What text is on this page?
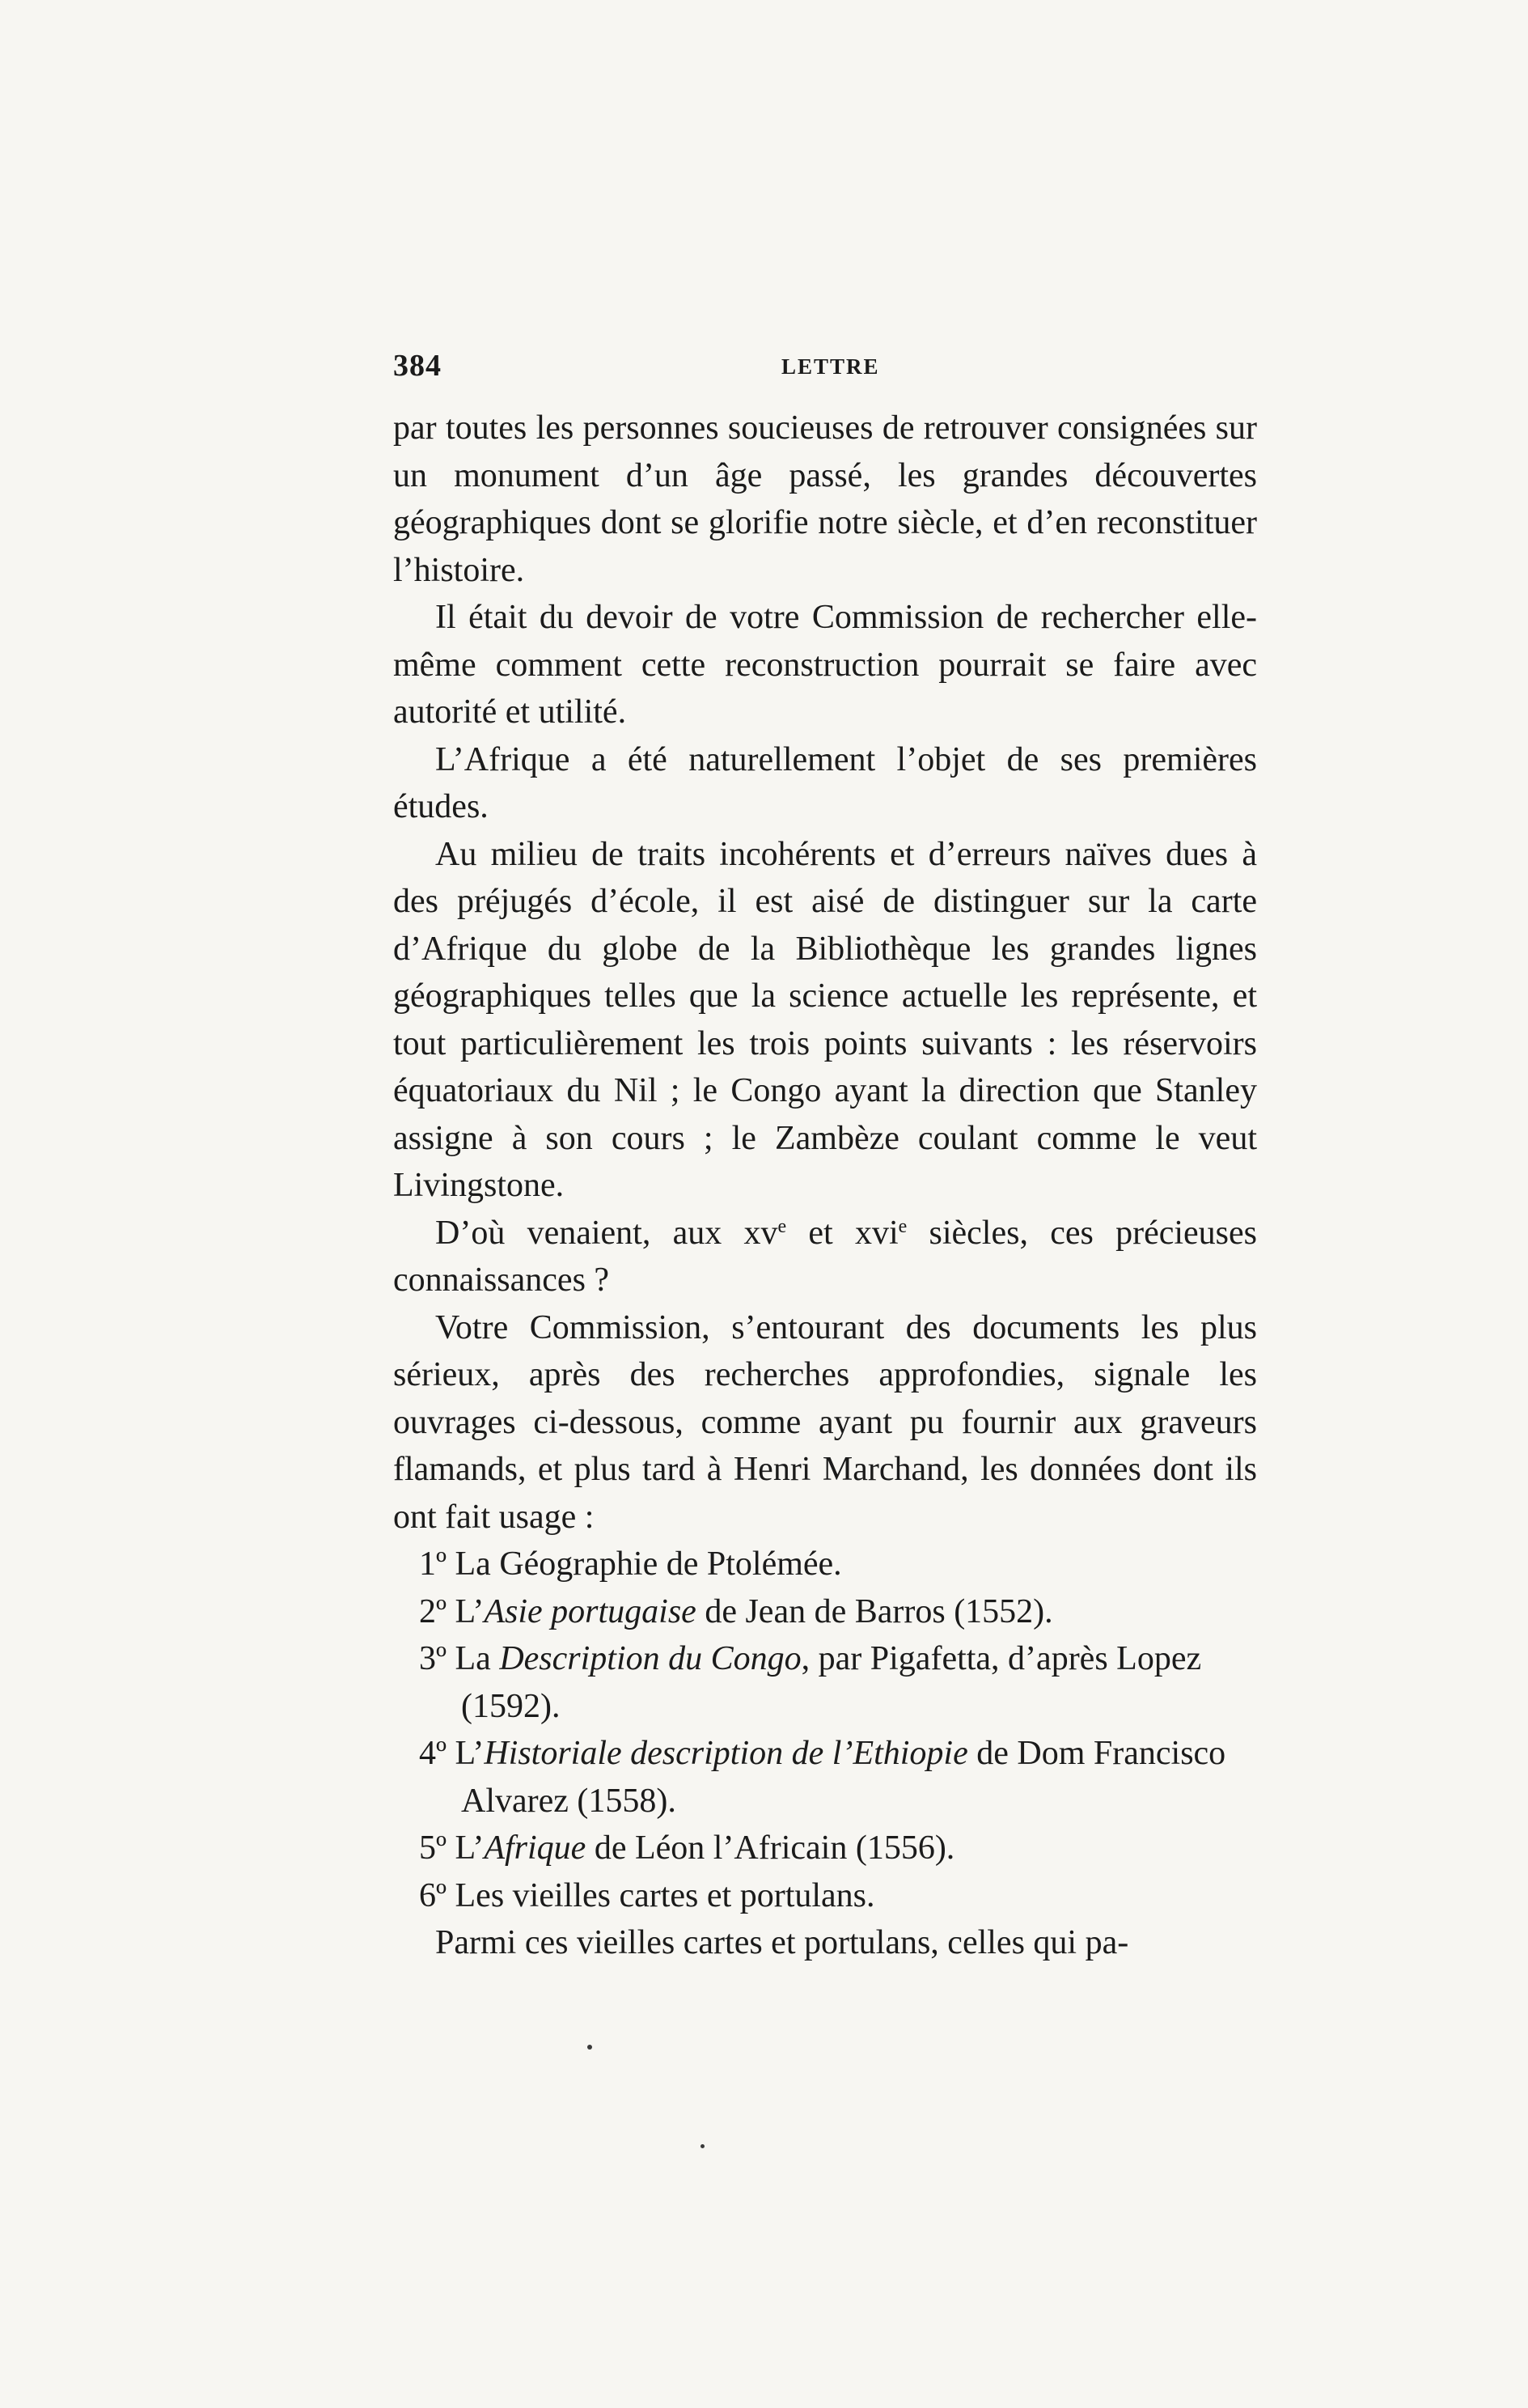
384	LETTRE

par toutes les personnes soucieuses de retrouver consignées sur un monument d’un âge passé, les grandes découvertes géographiques dont se glorifie notre siècle, et d’en reconstituer l’histoire.

Il était du devoir de votre Commission de rechercher elle-même comment cette reconstruction pourrait se faire avec autorité et utilité.

L’Afrique a été naturellement l’objet de ses premières études.

Au milieu de traits incohérents et d’erreurs naïves dues à des préjugés d’école, il est aisé de distinguer sur la carte d’Afrique du globe de la Bibliothèque les grandes lignes géographiques telles que la science actuelle les représente, et tout particulièrement les trois points suivants : les réservoirs équatoriaux du Nil ; le Congo ayant la direction que Stanley assigne à son cours ; le Zambèze coulant comme le veut Livingstone.

D’où venaient, aux $xv^e$ et xvi$^e$ siècles, ces précieuses connaissances ?

Votre Commission, s’entourant des documents les plus sérieux, après des recherches approfondies, signale les ouvrages ci-dessous, comme ayant pu fournir aux graveurs flamands, et plus tard à Henri Marchand, les données dont ils ont fait usage :

1º La Géographie de Ptolémée.
2º L’Asie portugaise de Jean de Barros (1552).
3º La Description du Congo, par Pigafetta, d’après Lopez (1592).
4º L’Historiale description de l’Ethiopie de Dom Francisco Alvarez (1558).
5º L’Afrique de Léon l’Africain (1556).
6º Les vieilles cartes et portulans.

Parmi ces vieilles cartes et portulans, celles qui pa-
